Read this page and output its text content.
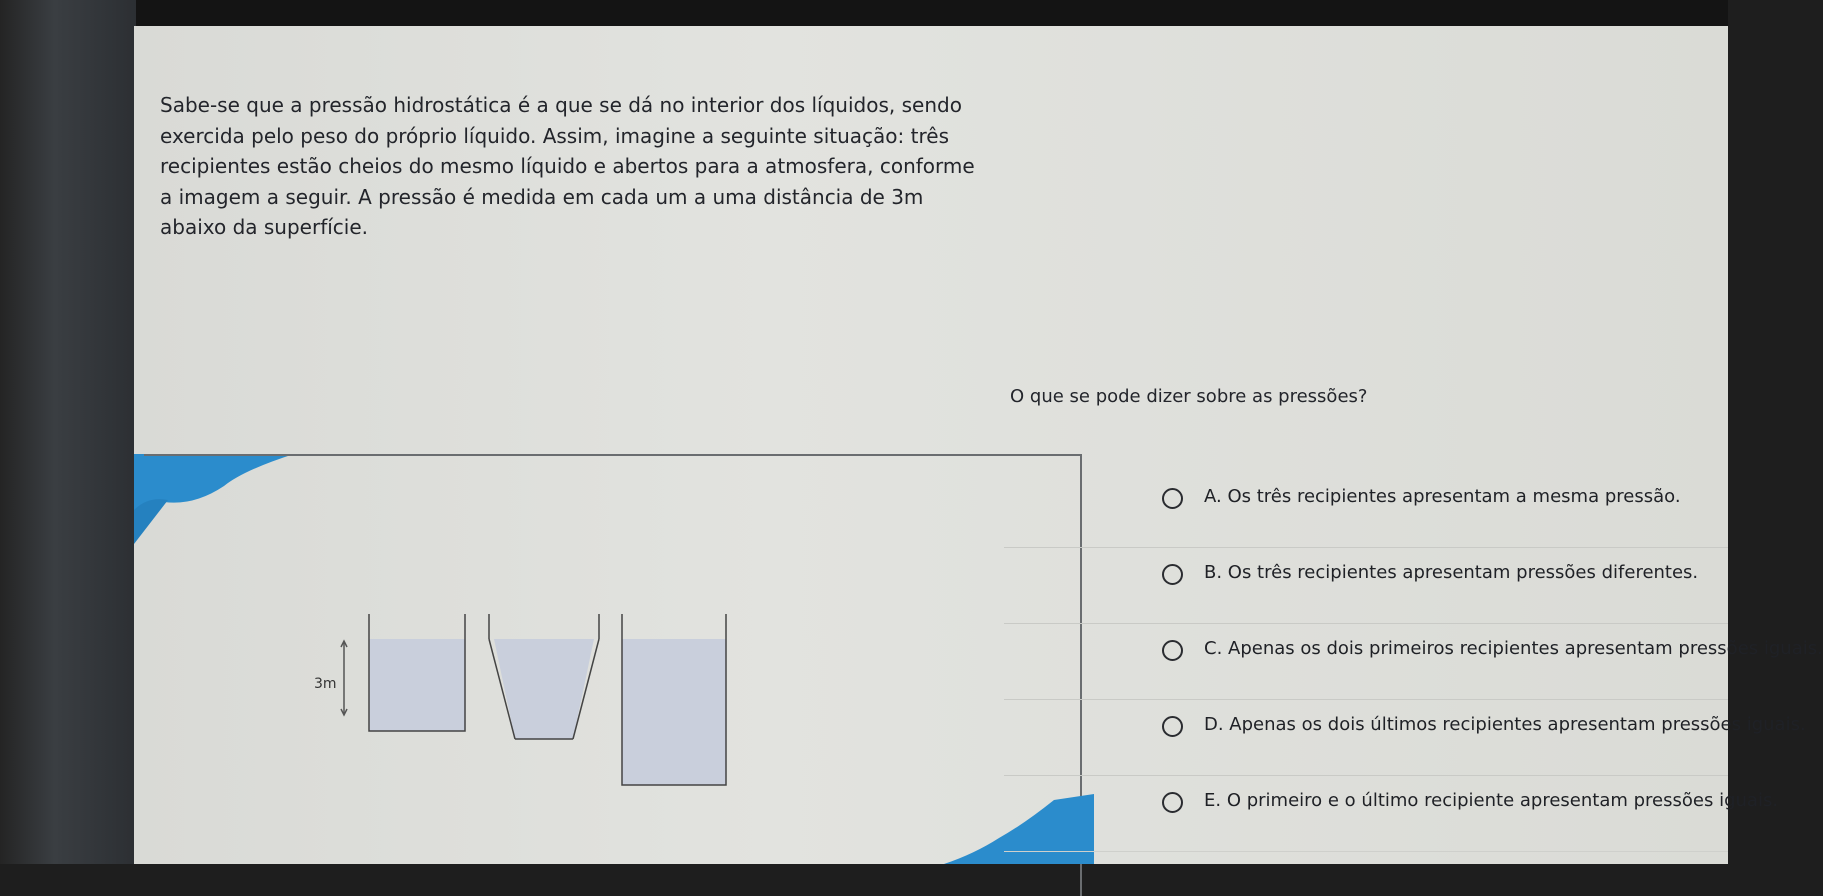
Sabe-se que a pressão hidrostática é a que se dá no interior dos líquidos, sendo exercida pelo peso do próprio líquido. Assim, imagine a seguinte situação: três recipientes estão cheios do mesmo líquido e abertos para a atmosfera, conforme a imagem a seguir. A pressão é medida em cada um a uma distância de 3m abaixo da superfície.

3m

O que se pode dizer sobre as pressões?

A. Os três recipientes apresentam a mesma pressão.
B. Os três recipientes apresentam pressões diferentes.
C. Apenas os dois primeiros recipientes apresentam pressões iguais.
D. Apenas os dois últimos recipientes apresentam pressões iguais.
E. O primeiro e o último recipiente apresentam pressões iguais.
